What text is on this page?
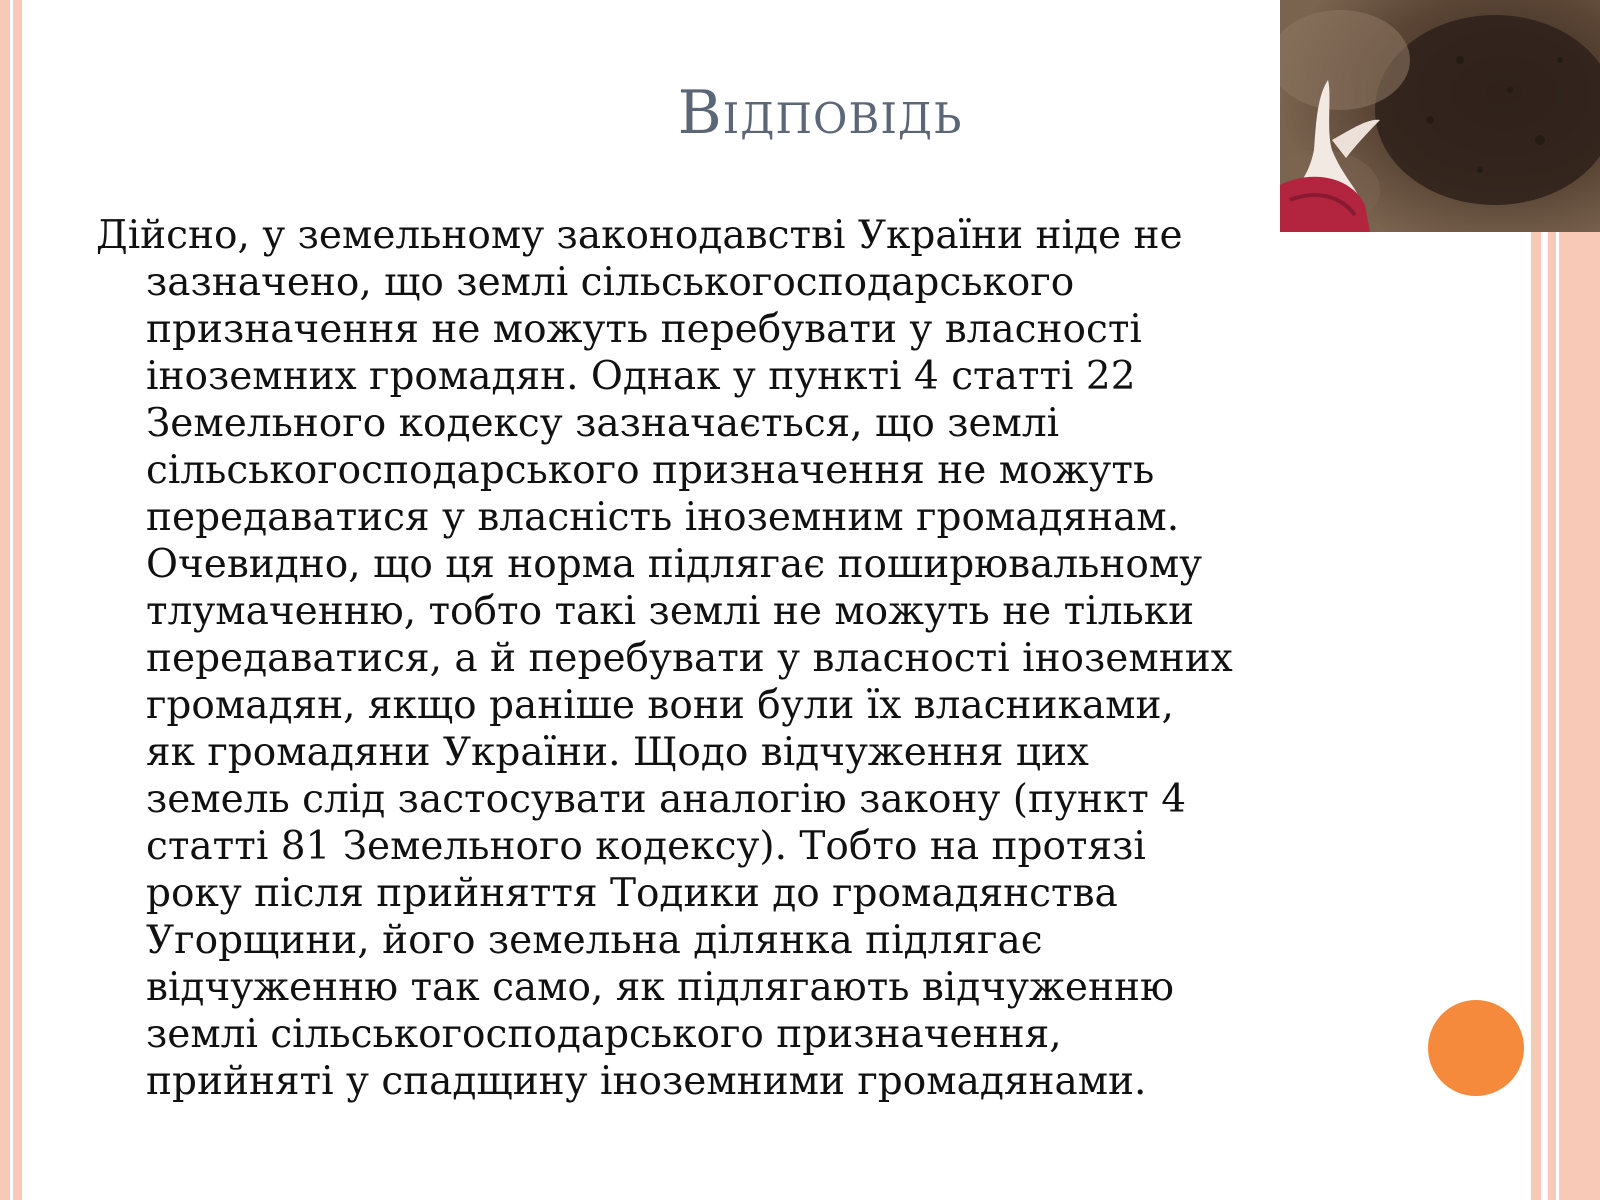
Відповідь
Дійсно, у земельному законодавстві України ніде не
зазначено, що землі сільськогосподарського
призначення не можуть перебувати у власності
іноземних громадян. Однак у пункті 4 статті 22
Земельного кодексу зазначається, що землі
сільськогосподарського призначення не можуть
передаватися у власність іноземним громадянам.
Очевидно, що ця норма підлягає поширювальному
тлумаченню, тобто такі землі не можуть не тільки
передаватися, а й перебувати у власності іноземних
громадян, якщо раніше вони були їх власниками,
як громадяни України. Щодо відчуження цих
земель слід застосувати аналогію закону (пункт 4
статті 81 Земельного кодексу). Тобто на протязі
року після прийняття Тодики до громадянства
Угорщини, його земельна ділянка підлягає
відчуженню так само, як підлягають відчуженню
землі сільськогосподарського призначення,
прийняті у спадщину іноземними громадянами.
